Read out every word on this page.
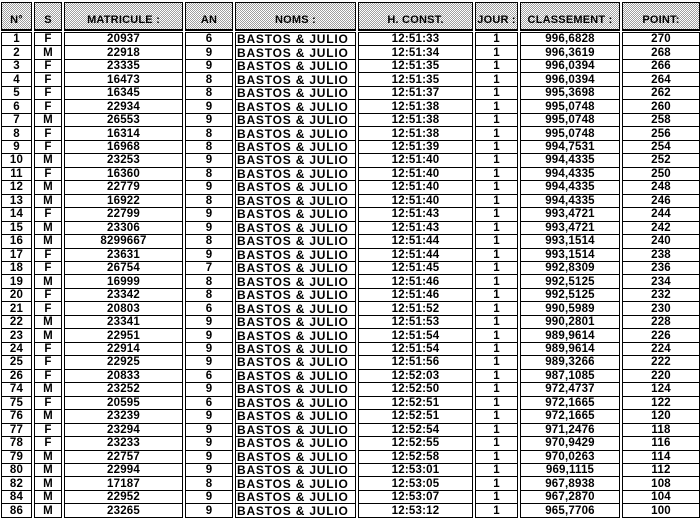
N°
1
2
3
4
5
6
7
8
9
10
11
12
13
14
15
16
17
18
19
20
21
22
23
24
25
26
74
75
76
77
78
79
80
82
84
86
S
F
M
F
F
F
F
M
F
F
M
F
M
M
F
M
M
F
F
M
F
F
M
M
F
F
F
M
F
M
F
F
M
M
M
M
M
MATRICULE :
20937
22918
23335
16473
16345
22934
26553
16314
16968
23253
16360
22779
16922
22799
23306
8299667
23631
26754
16999
23342
20803
23341
22951
22914
22925
20833
23252
20595
23239
23294
23233
22757
22994
17187
22952
23265
AN
6
9
9
8
8
9
9
8
8
9
8
9
8
9
9
8
9
7
8
8
6
9
9
9
9
6
9
6
9
9
9
9
9
8
9
9
NOMS :
BASTOS & JULIO
BASTOS & JULIO
BASTOS & JULIO
BASTOS & JULIO
BASTOS & JULIO
BASTOS & JULIO
BASTOS & JULIO
BASTOS & JULIO
BASTOS & JULIO
BASTOS & JULIO
BASTOS & JULIO
BASTOS & JULIO
BASTOS & JULIO
BASTOS & JULIO
BASTOS & JULIO
BASTOS & JULIO
BASTOS & JULIO
BASTOS & JULIO
BASTOS & JULIO
BASTOS & JULIO
BASTOS & JULIO
BASTOS & JULIO
BASTOS & JULIO
BASTOS & JULIO
BASTOS & JULIO
BASTOS & JULIO
BASTOS & JULIO
BASTOS & JULIO
BASTOS & JULIO
BASTOS & JULIO
BASTOS & JULIO
BASTOS & JULIO
BASTOS & JULIO
BASTOS & JULIO
BASTOS & JULIO
BASTOS & JULIO
H. CONST.
12:51:33
12:51:34
12:51:35
12:51:35
12:51:37
12:51:38
12:51:38
12:51:38
12:51:39
12:51:40
12:51:40
12:51:40
12:51:40
12:51:43
12:51:43
12:51:44
12:51:44
12:51:45
12:51:46
12:51:46
12:51:52
12:51:53
12:51:54
12:51:54
12:51:56
12:52:03
12:52:50
12:52:51
12:52:51
12:52:54
12:52:55
12:52:58
12:53:01
12:53:05
12:53:07
12:53:12
JOUR :
1
1
1
1
1
1
1
1
1
1
1
1
1
1
1
1
1
1
1
1
1
1
1
1
1
1
1
1
1
1
1
1
1
1
1
1
CLASSEMENT :
996,6828
996,3619
996,0394
996,0394
995,3698
995,0748
995,0748
995,0748
994,7531
994,4335
994,4335
994,4335
994,4335
993,4721
993,4721
993,1514
993,1514
992,8309
992,5125
992,5125
990,5989
990,2801
989,9614
989,9614
989,3266
987,1085
972,4737
972,1665
972,1665
971,2476
970,9429
970,0263
969,1115
967,8938
967,2870
965,7706
POINT:
270
268
266
264
262
260
258
256
254
252
250
248
246
244
242
240
238
236
234
232
230
228
226
224
222
220
124
122
120
118
116
114
112
108
104
100
